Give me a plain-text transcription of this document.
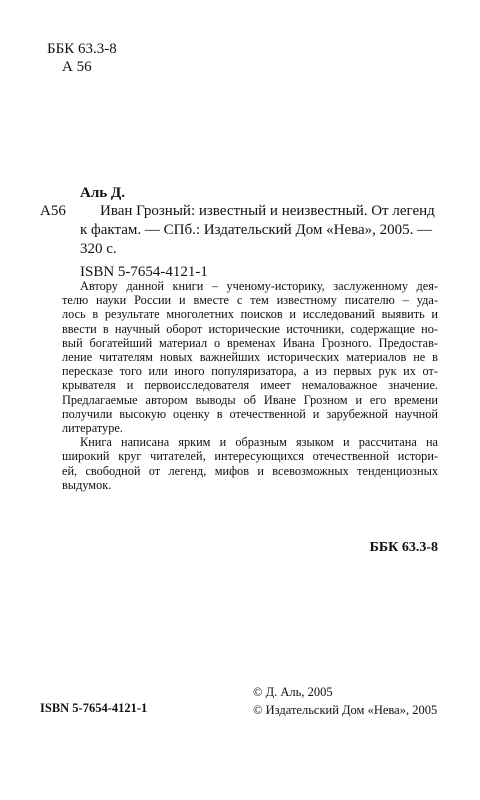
ББК 63.3-8
А 56
Аль Д.
А56	Иван Грозный: известный и неизвестный. От легенд
к фактам. — СПб.: Издательский Дом «Нева», 2005. —
320 с.
ISBN 5-7654-4121-1
Автору данной книги – ученому-историку, заслуженному дея-
телю науки России и вместе с тем известному писателю – уда-
лось в результате многолетних поисков и исследований выявить и
ввести в научный оборот исторические источники, содержащие но-
вый богатейший материал о временах Ивана Грозного. Предостав-
ление читателям новых важнейших исторических материалов не в
пересказе того или иного популяризатора, а из первых рук их от-
крывателя и первоисследователя имеет немаловажное значение.
Предлагаемые автором выводы об Иване Грозном и его времени
получили высокую оценку в отечественной и зарубежной научной
литературе.
Книга написана ярким и образным языком и рассчитана на
широкий круг читателей, интересующихся отечественной истори-
ей, свободной от легенд, мифов и всевозможных тенденциозных
выдумок.
ББК 63.3-8
ISBN 5-7654-4121-1
© Д. Аль, 2005
© Издательский Дом «Нева», 2005
